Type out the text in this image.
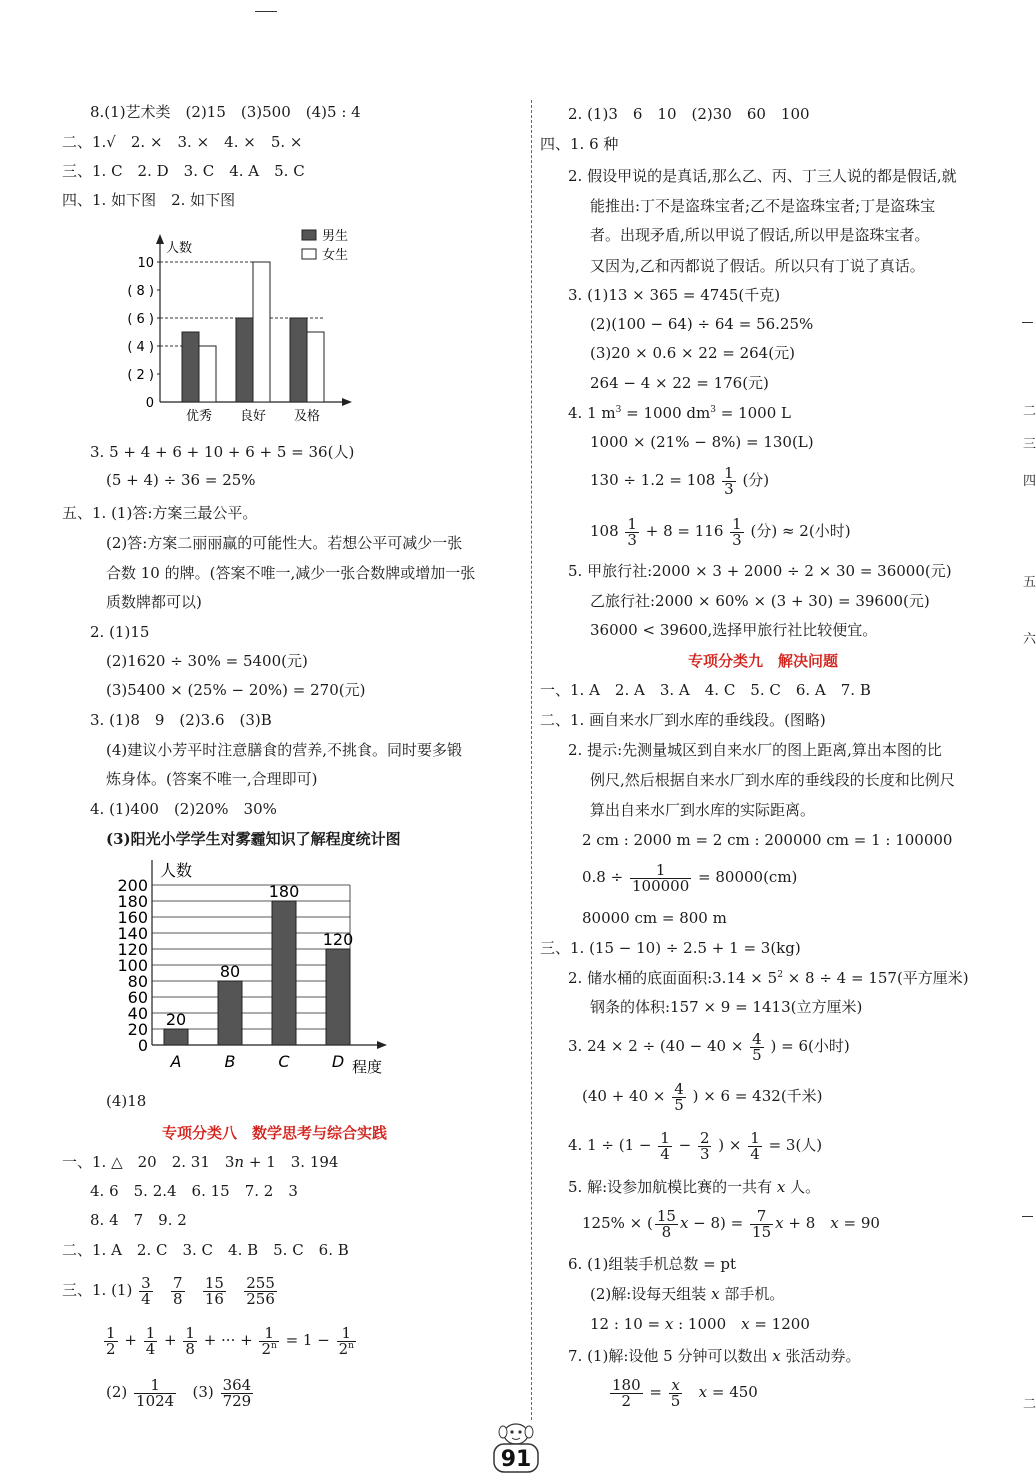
8.(1)艺术类　(2)15　(3)500　(4)5 : 4
二、1.√　2. ×　3. ×　4. ×　5. ×
三、1. C　2. D　3. C　4. A　5. C
四、1. 如下图　2. 如下图
人数
男生
女生
10
( 8 )
( 6 )
( 4 )
( 2 )
0
优秀 良好 及格
3. 5 + 4 + 6 + 10 + 6 + 5 = 36(人)
(5 + 4) ÷ 36 = 25%
五、1. (1)答:方案三最公平。
(2)答:方案二丽丽赢的可能性大。若想公平可减少一张
合数 10 的牌。(答案不唯一,减少一张合数牌或增加一张
质数牌都可以)
2. (1)15
(2)1620 ÷ 30% = 5400(元)
(3)5400 × (25% − 20%) = 270(元)
3. (1)8　9　(2)3.6　(3)B
(4)建议小芳平时注意膳食的营养,不挑食。同时要多锻
炼身体。(答案不唯一,合理即可)
4. (1)400　(2)20%　30%
(3)阳光小学学生对雾霾知识了解程度统计图
人数
程度
0
20
40
60
80
100
120
140
160
180
200
20
80
180
120
A	B	C	D
(4)18
专项分类八　数学思考与综合实践
一、1. △　20　2. 31　3n + 1　3. 194
4. 6　5. 2.4　6. 15　7. 2　3
8. 4　7　9. 2
二、1. A　2. C　3. C　4. B　5. C　6. B
三、1. $(1) \frac{3}{4}$
$\frac{7}{8}$
$\frac{15}{16}$
$\frac{255}{256}$
$\frac{1}{2} + \frac{1}{4} + \frac{1}{8}$ + ··· + $\frac{1}{2^n} = 1 - \frac{1}{2^n}$
$(2) \frac{1}{1024} (3) \frac{364}{729}$
2. (1)3　6　10　(2)30　60　100
四、1. 6 种
2. 假设甲说的是真话,那么乙、丙、丁三人说的都是假话,就
能推出:丁不是盗珠宝者;乙不是盗珠宝者;丁是盗珠宝
者。出现矛盾,所以甲说了假话,所以甲是盗珠宝者。
又因为,乙和丙都说了假话。所以只有丁说了真话。
3. (1)13 × 365 = 4745(千克)
(2)(100 − 64) ÷ 64 = 56.25%
(3)20 × 0.6 × 22 = 264(元)
264 − 4 × 22 = 176(元)
4. 1 $m^3 = 1000$ $dm^3 = 1000$ L
1000 × (21% − 8%) = 130(L)
$130 \div 1.2 = 108 \frac{1}{3}$ (分)
$108 \frac{1}{3} + 8 = 116 \frac{1}{3}$ (分) ≈ 2(小时)
5. 甲旅行社:2000 × 3 + 2000 ÷ 2 × 30 = 36000(元)
乙旅行社:2000 × 60% × (3 + 30) = 39600(元)
36000 < 39600,选择甲旅行社比较便宜。
专项分类九　解决问题
一、1. A　2. A　3. A　4. C　5. C　6. A　7. B
二、1. 画自来水厂到水库的垂线段。(图略)
2. 提示:先测量城区到自来水厂的图上距离,算出本图的比
例尺,然后根据自来水厂到水库的垂线段的长度和比例尺
算出自来水厂到水库的实际距离。
2 cm : 2000 m = 2 cm : 200000 cm = 1 : 100000
$0.8 \div \frac{1}{100000} = 80000(cm)$
80000 cm = 800 m
三、1. (15 − 10) ÷ 2.5 + 1 = 3(kg)
2. 储水桶的底面面积:3.14 × $5^2 \times 8 \div 4 = 157$(平方厘米)
钢条的体积:157 × 9 = 1413(立方厘米)
3. $24 \times 2 \div (40 - 40 \times \frac{4}{5}$ ) = 6(小时)
($40 + 40 \times \frac{4}{5}$ ) × 6 = 432(千米)
4. $1 \div (1 - \frac{1}{4} - \frac{2}{3}$ ) × $\frac{1}{4} = 3$(人)
5. 解:设参加航模比赛的一共有 x 人。
125% × ( $\frac{15}{8}$ $x - 8) = \frac{7}{15}$ x + 8　x = 90
6. (1)组装手机总数 = pt
(2)解:设每天组装 x 部手机。
12 : 10 = x : 1000　x = 1200
7. (1)解:设他 5 分钟可以数出 x 张活动券。
$\frac{180}{2} = \frac{x}{5}$ x = 450
二
三
四
五
六
二
91
